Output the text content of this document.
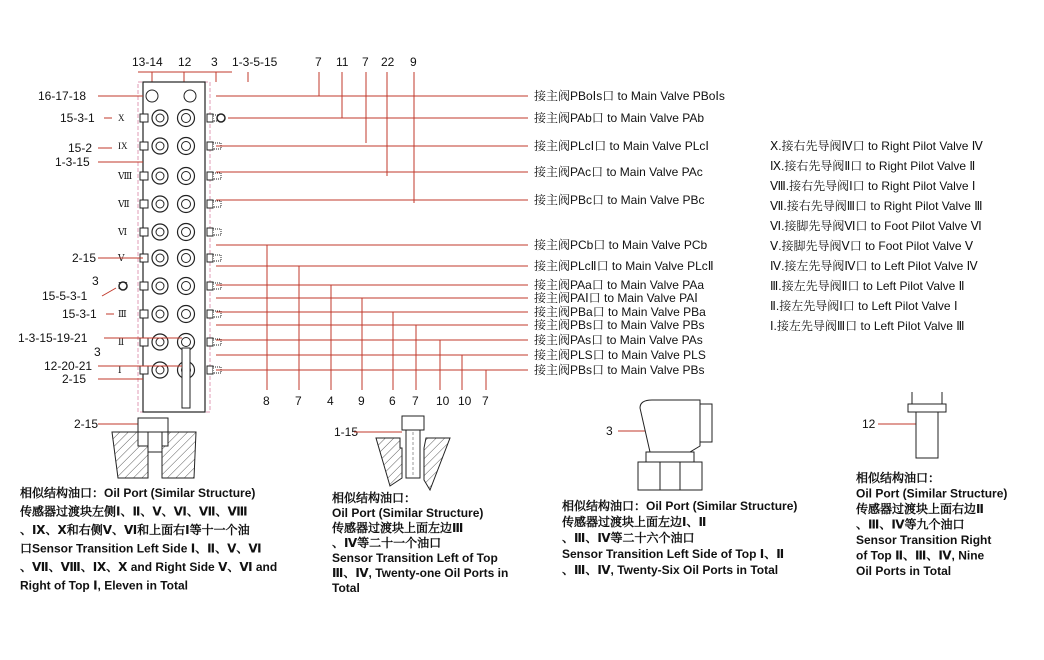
13-14 12 3 1-3-5-15	7 11 7 22 9
X
IX
Ⅷ
Ⅶ
Ⅵ
Ⅴ
Ⅲ
Ⅱ
Ⅰ
16-17-18
15-3-1
15-2
1-3-15
2-15
3
15-5-3-1
15-3-1
1-3-15-19-21
3
12-20-21
2-15
8 7 4 9 6 7 10 10 7
接主阀PBoⅠs口 to Main Valve PBoⅠs
接主阀PAb口 to Main Valve PAb
接主阀PLcⅠ口 to Main Valve PLcⅠ
接主阀PAc口 to Main Valve PAc
接主阀PBc口 to Main Valve PBc
接主阀PCb口 to Main Valve PCb
接主阀PLcⅡ口 to Main Valve PLcⅡ
接主阀PAa口 to Main Valve PAa
接主阀PAⅠ口 to Main Valve PAⅠ
接主阀PBa口 to Main Valve PBa
接主阀PBs口 to Main Valve PBs
接主阀PAs口 to Main Valve PAs
接主阀PLS口 to Main Valve PLS
接主阀PBs口 to Main Valve PBs
Ⅹ.接右先导阀Ⅳ口 to Right Pilot Valve Ⅳ
Ⅸ.接右先导阀Ⅱ口 to Right Pilot Valve Ⅱ
Ⅷ.接右先导阀Ⅰ口 to Right Pilot Valve Ⅰ
Ⅶ.接右先导阀Ⅲ口 to Right Pilot Valve Ⅲ
Ⅵ.接脚先导阀Ⅵ口 to Foot Pilot Valve Ⅵ
Ⅴ.接脚先导阀Ⅴ口 to Foot Pilot Valve Ⅴ
Ⅳ.接左先导阀Ⅳ口 to Left Pilot Valve Ⅳ
Ⅲ.接左先导阀Ⅱ口 to Left Pilot Valve Ⅱ
Ⅱ.接左先导阀Ⅰ口 to Left Pilot Valve Ⅰ
Ⅰ.接左先导阀Ⅲ口 to Left Pilot Valve Ⅲ
2-15
1-15	3	12
相似结构油口：Oil Port (Similar Structure)
传感器过渡块左侧Ⅰ、Ⅱ、Ⅴ、Ⅵ、Ⅶ、Ⅷ
、Ⅸ、Ⅹ和右侧Ⅴ、Ⅵ和上面右Ⅰ等十一个油
口Sensor Transition Left Side Ⅰ、Ⅱ、Ⅴ、Ⅵ
、Ⅶ、Ⅷ、Ⅸ、Ⅹ and Right Side Ⅴ、Ⅵ and
Right of Top Ⅰ, Eleven in Total
相似结构油口：
Oil Port (Similar Structure)
传感器过渡块上面左边Ⅲ
、Ⅳ等二十一个油口
Sensor Transition Left of Top
Ⅲ、Ⅳ, Twenty-one Oil Ports in
Total
相似结构油口：Oil Port (Similar Structure)
传感器过渡块上面左边Ⅰ、Ⅱ
、Ⅲ、Ⅳ等二十六个油口
Sensor Transition Left Side of Top Ⅰ、Ⅱ
、Ⅲ、Ⅳ, Twenty-Six Oil Ports in Total
相似结构油口：
Oil Port (Similar Structure)
传感器过渡块上面右边Ⅱ
、Ⅲ、Ⅳ等九个油口
Sensor Transition Right
of Top Ⅱ、Ⅲ、Ⅳ, Nine
Oil Ports in Total
